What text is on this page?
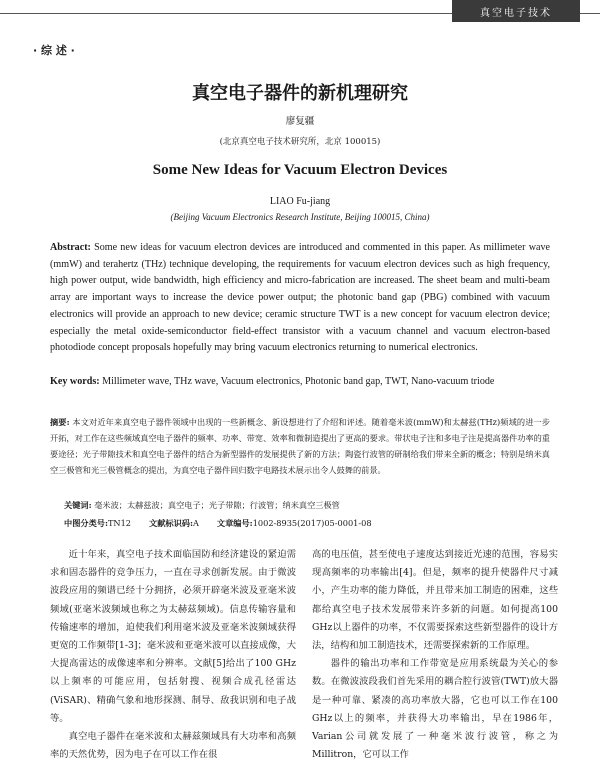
真空电子技术
· 综 述 ·
真空电子器件的新机理研究
廖复疆
(北京真空电子技术研究所，北京 100015)
Some New Ideas for Vacuum Electron Devices
LIAO Fu-jiang
(Beijing Vacuum Electronics Research Institute, Beijing 100015, China)
Abstract: Some new ideas for vacuum electron devices are introduced and commented in this paper. As millimeter wave (mmW) and terahertz (THz) technique developing, the requirements for vacuum electron devices such as high frequency, high power output, wide bandwidth, high efficiency and micro-fabrication are increased. The sheet beam and multi-beam array are important ways to increase the device power output; the photonic band gap (PBG) combined with vacuum electronics will provide an approach to new device; ceramic structure TWT is a new concept for vacuum electron device; especially the metal oxide-semiconductor field-effect transistor with a vacuum channel and vacuum electron-based photodiode concept proposals hopefully may bring vacuum electronics returning to numerical electronics.
Key words: Millimeter wave, THz wave, Vacuum electronics, Photonic band gap, TWT, Nano-vacuum triode
摘要: 本文对近年来真空电子器件领域中出现的一些新概念、新设想进行了介绍和评述。随着毫米波(mmW)和太赫兹(THz)频域的进一步开拓，对工作在这些频域真空电子器件的频率、功率、带宽、效率和微制造提出了更高的要求。带状电子注和多电子注是提高器件功率的重要途径；光子带隙技术和真空电子器件的结合为新型器件的发展提供了新的方法；陶瓷行波管的研制给我们带来全新的概念；特别是纳米真空三极管和光三极管概念的提出，为真空电子器件回归数字电路技术展示出令人鼓舞的前景。
关键词: 毫米波；太赫兹波；真空电子；光子带隙；行波管；纳米真空三极管
中图分类号:TN12 文献标识码:A 文章编号:1002-8935(2017)05-0001-08

近十年来，真空电子技术面临国防和经济建设的紧迫需求和固态器件的竞争压力，一直在寻求创新发展。由于微波波段应用的频谱已经十分拥挤，必须开辟毫米波及亚毫米波频域(亚毫米波频域也称之为太赫兹频域)。信息传输容量和传输速率的增加，迫使我们利用毫米波及亚毫米波频域获得更宽的工作频带[1-3]；毫米波和亚毫米波可以直接成像，大大提高雷达的成像速率和分辨率。文献[5]给出了100 GHz以上频率的可能应用，包括射搜、视频合成孔径雷达(ViSAR)、精确气象和地形探测、制导、敌我识别和电子战等。

真空电子器件在毫米波和太赫兹频域具有大功率和高频率的天然优势，因为电子在可以工作在很

高的电压值，甚至使电子速度达到接近光速的范围，容易实现高频率的功率输出[4]。但是，频率的提升使器件尺寸减小，产生功率的能力降低，并且带来加工制造的困难，这些都给真空电子技术发展带来许多新的问题。如何提高100 GHz以上器件的功率，不仅需要探索这些新型器件的设计方法，结构和加工制造技术，还需要探索新的工作原理。

器件的输出功率和工作带宽是应用系统最为关心的参数。在微波波段我们首先采用的耦合腔行波管(TWT)放大器是一种可靠、紧凑的高功率放大器，它也可以工作在100 GHz以上的频率，并获得大功率输出，早在1986年，Varian公司就发展了一种毫米波行波管，称之为Millitron，它可以工作
